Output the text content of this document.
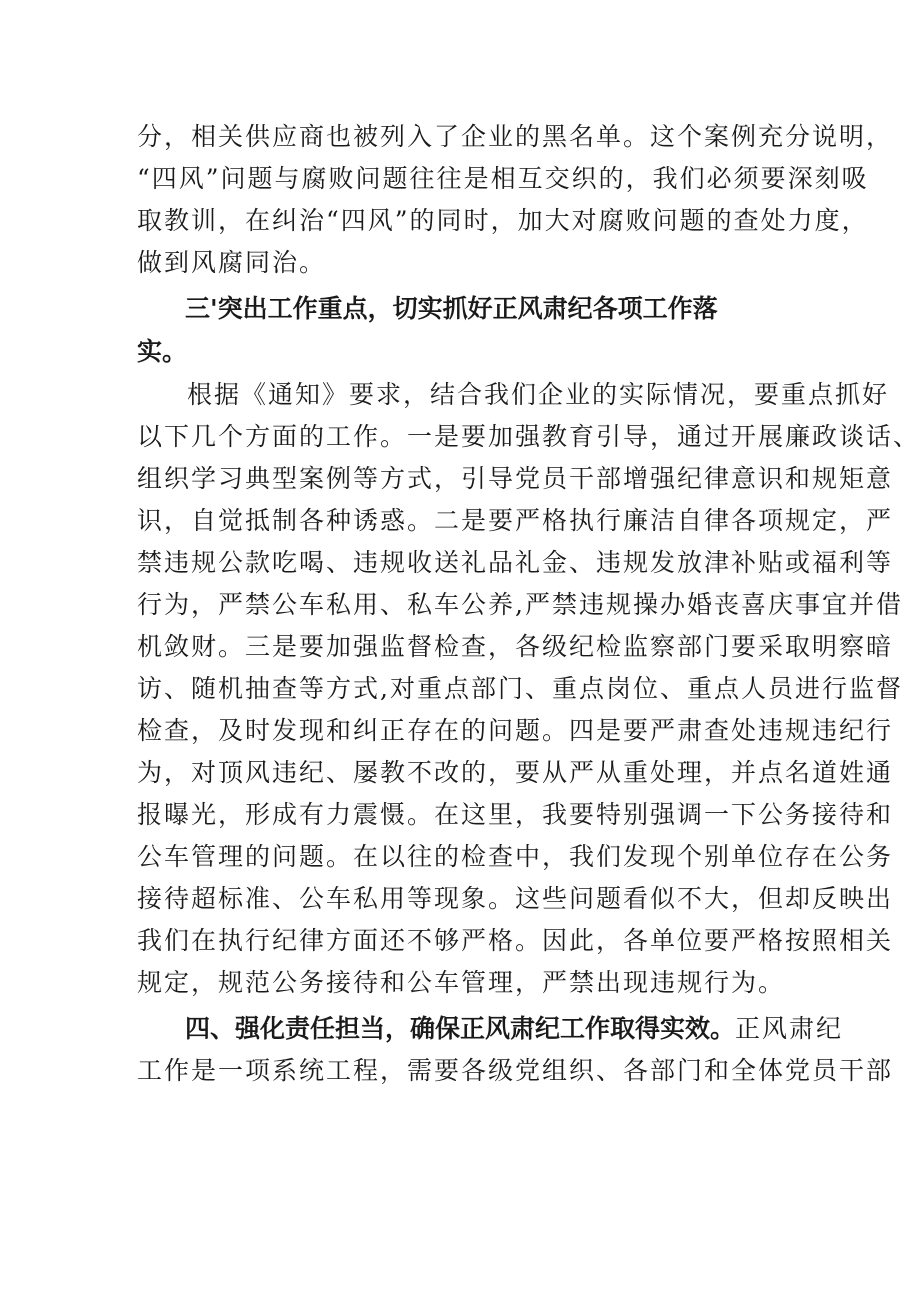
分，相关供应商也被列入了企业的黑名单。这个案例充分说明，
“四风”问题与腐败问题往往是相互交织的，我们必须要深刻吸
取教训，在纠治“四风”的同时，加大对腐败问题的查处力度，
做到风腐同治。
三'突出工作重点，切实抓好正风肃纪各项工作落
实。
根据《通知》要求，结合我们企业的实际情况，要重点抓好
以下几个方面的工作。一是要加强教育引导，通过开展廉政谈话、
组织学习典型案例等方式，引导党员干部增强纪律意识和规矩意
识，自觉抵制各种诱惑。二是要严格执行廉洁自律各项规定，严
禁违规公款吃喝、违规收送礼品礼金、违规发放津补贴或福利等
行为，严禁公车私用、私车公养,严禁违规操办婚丧喜庆事宜并借
机敛财。三是要加强监督检查，各级纪检监察部门要采取明察暗
访、随机抽查等方式,对重点部门、重点岗位、重点人员进行监督
检查，及时发现和纠正存在的问题。四是要严肃查处违规违纪行
为，对顶风违纪、屡教不改的，要从严从重处理，并点名道姓通
报曝光，形成有力震慑。在这里，我要特别强调一下公务接待和
公车管理的问题。在以往的检查中，我们发现个别单位存在公务
接待超标准、公车私用等现象。这些问题看似不大，但却反映出
我们在执行纪律方面还不够严格。因此，各单位要严格按照相关
规定，规范公务接待和公车管理，严禁出现违规行为。
四、强化责任担当，确保正风肃纪工作取得实效。正风肃纪
工作是一项系统工程，需要各级党组织、各部门和全体党员干部
